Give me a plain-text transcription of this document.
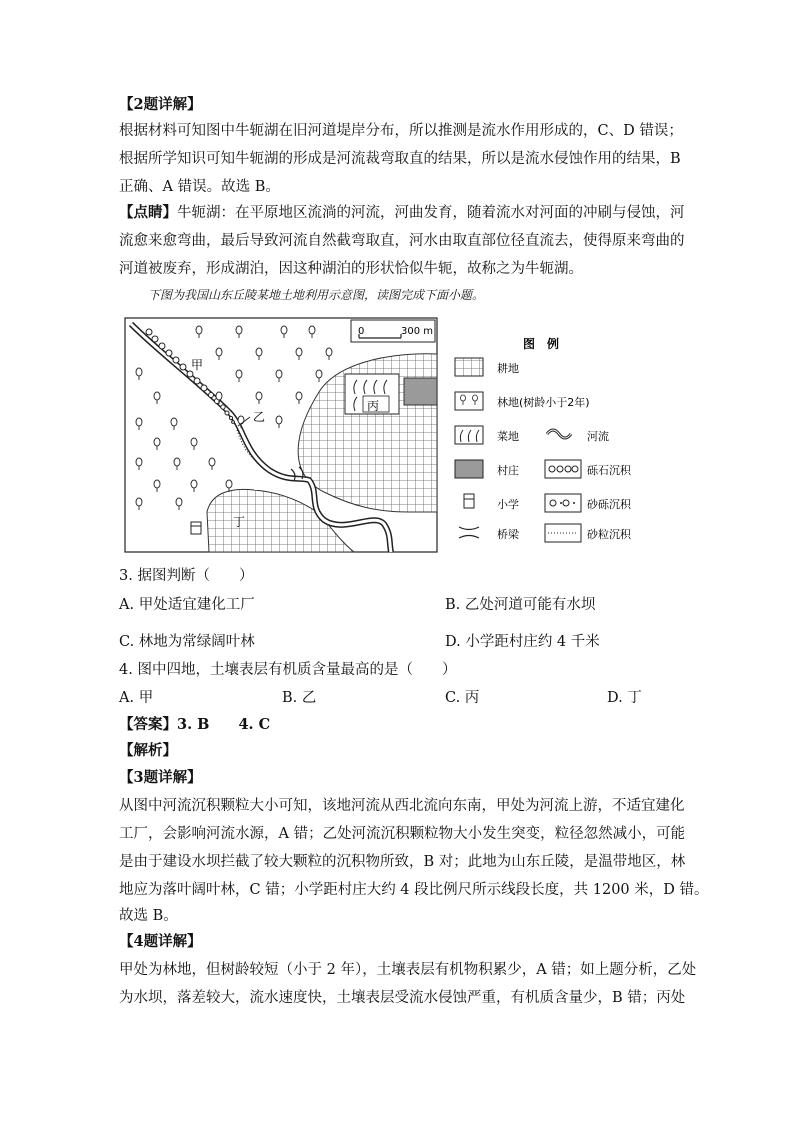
【2题详解】
根据材料可知图中牛轭湖在旧河道堤岸分布，所以推测是流水作用形成的，C、D 错误；
根据所学知识可知牛轭湖的形成是河流裁弯取直的结果，所以是流水侵蚀作用的结果，B
正确、A 错误。故选 B。
【点睛】牛轭湖：在平原地区流淌的河流，河曲发育，随着流水对河面的冲刷与侵蚀，河
流愈来愈弯曲，最后导致河流自然截弯取直，河水由取直部位径直流去，使得原来弯曲的
河道被废弃，形成湖泊，因这种湖泊的形状恰似牛轭，故称之为牛轭湖。
下图为我国山东丘陵某地土地利用示意图，读图完成下面小题。
0	300 m
甲
乙
丙
丁
图　例
耕地
林地(树龄小于2年)
菜地	河流
村庄	砾石沉积
小学	砂砾沉积
桥梁	砂粒沉积
3. 据图判断（　　）
A. 甲处适宜建化工厂	B. 乙处河道可能有水坝
C. 林地为常绿阔叶林	D. 小学距村庄约 4 千米
4. 图中四地，土壤表层有机质含量最高的是（　　）
A. 甲	B. 乙	C. 丙	D. 丁
【答案】3. B　　4. C
【解析】
【3题详解】
从图中河流沉积颗粒大小可知，该地河流从西北流向东南，甲处为河流上游，不适宜建化
工厂，会影响河流水源，A 错；乙处河流沉积颗粒物大小发生突变，粒径忽然减小，可能
是由于建设水坝拦截了较大颗粒的沉积物所致，B 对；此地为山东丘陵，是温带地区，林
地应为落叶阔叶林，C 错；小学距村庄大约 4 段比例尺所示线段长度，共 1200 米，D 错。
故选 B。
【4题详解】
甲处为林地，但树龄较短（小于 2 年），土壤表层有机物积累少，A 错；如上题分析，乙处
为水坝，落差较大，流水速度快，土壤表层受流水侵蚀严重，有机质含量少，B 错；丙处
